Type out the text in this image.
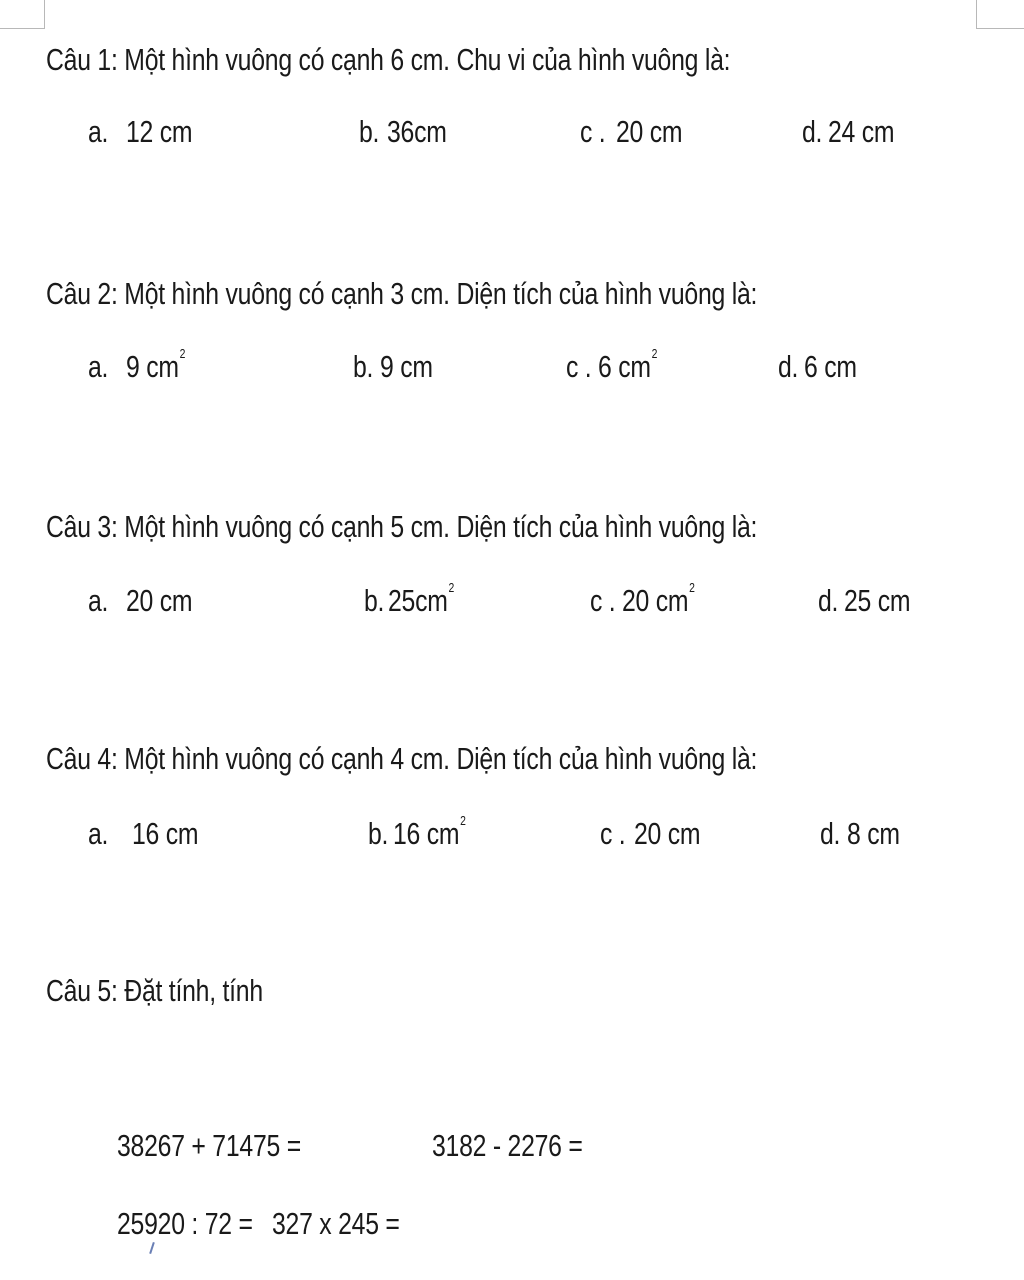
Câu 1: Một hình vuông có cạnh 6 cm. Chu vi của hình vuông là:
a. 12 cm	b. 36cm	c . 20 cm	d. 24 cm
Câu 2: Một hình vuông có cạnh 3 cm. Diện tích của hình vuông là:
a. 9 $cm^2$	b. 9 cm	c . 6 $cm^2$	d. 6 cm
Câu 3: Một hình vuông có cạnh 5 cm. Diện tích của hình vuông là:
a. 20 cm	b. $25cm^2$	c . 20 $cm^2$	d. 25 cm
Câu 4: Một hình vuông có cạnh 4 cm. Diện tích của hình vuông là:
a. 16 cm	b. 16 $cm^2$	c . 20 cm	d. 8 cm
Câu 5: Đặt tính, tính
38267 + 71475 =	3182 - 2276 =
25920 : 72 = 327 x 245 =
